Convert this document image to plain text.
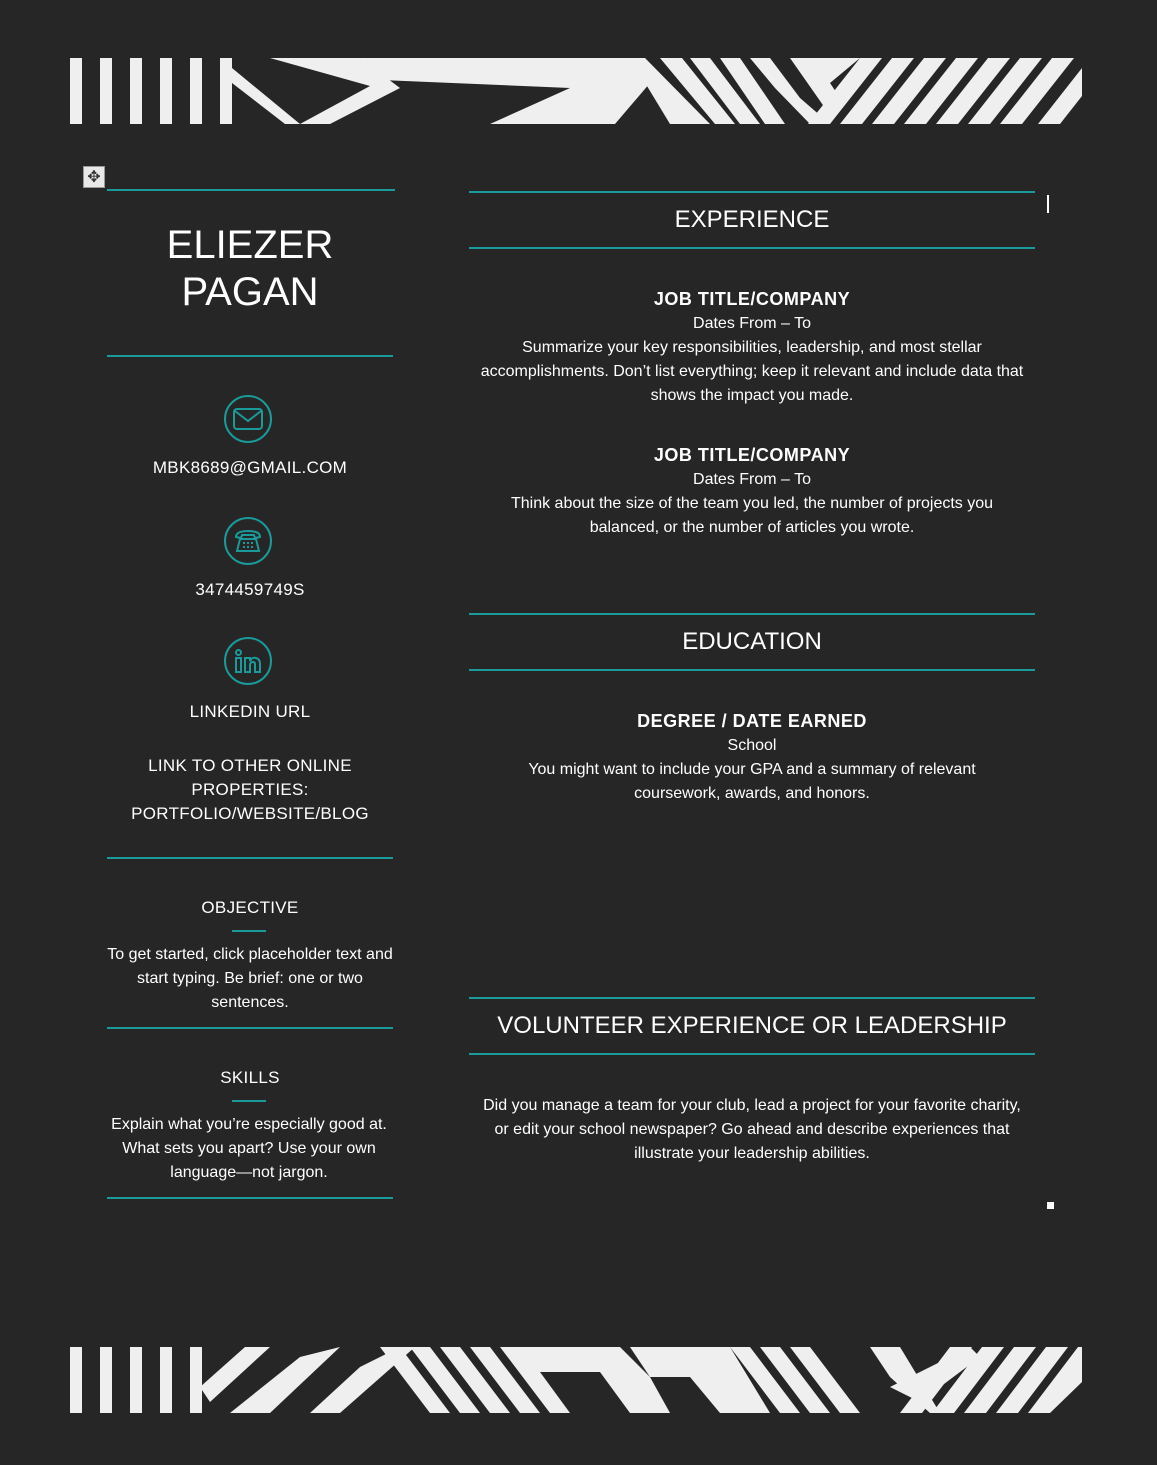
✥
ELIEZER
PAGAN
MBK8689@GMAIL.COM
3474459749S
LINKEDIN URL
LINK TO OTHER ONLINE
PROPERTIES:
PORTFOLIO/WEBSITE/BLOG
OBJECTIVE
To get started, click placeholder text and start typing. Be brief: one or two sentences.
SKILLS
Explain what you’re especially good at. What sets you apart? Use your own language—not jargon.
EXPERIENCE
JOB TITLE/COMPANY
Dates From – To
Summarize your key responsibilities, leadership, and most stellar accomplishments. Don’t list everything; keep it relevant and include data that shows the impact you made.
JOB TITLE/COMPANY
Dates From – To
Think about the size of the team you led, the number of projects you balanced, or the number of articles you wrote.
EDUCATION
DEGREE / DATE EARNED
School
You might want to include your GPA and a summary of relevant coursework, awards, and honors.
VOLUNTEER EXPERIENCE OR LEADERSHIP
Did you manage a team for your club, lead a project for your favorite charity, or edit your school newspaper? Go ahead and describe experiences that illustrate your leadership abilities.
